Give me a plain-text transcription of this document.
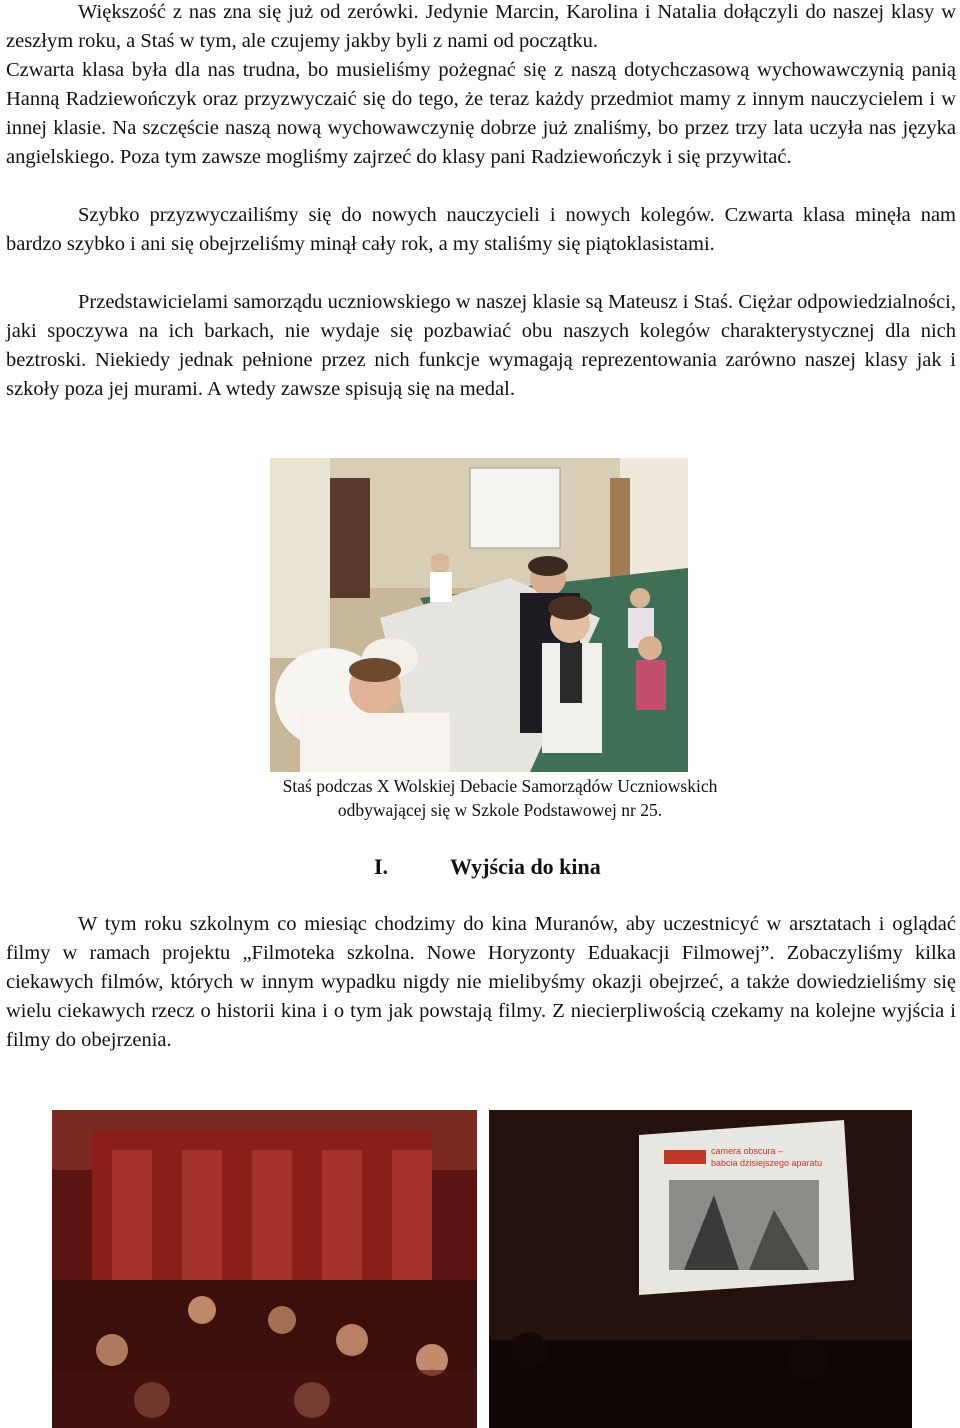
Większość z nas zna się już od zerówki. Jedynie Marcin, Karolina i Natalia dołączyli do naszej klasy w zeszłym roku, a Staś w tym, ale czujemy jakby byli z nami od początku.

Czwarta klasa była dla nas trudna, bo musieliśmy pożegnać się z naszą dotychczasową wychowawczynią panią Hanną Radziewończyk oraz przyzwyczaić się do tego, że teraz każdy przedmiot mamy z innym nauczycielem i w innej klasie. Na szczęście naszą nową wychowawczynię dobrze już znaliśmy, bo przez trzy lata uczyła nas języka angielskiego. Poza tym zawsze mogliśmy zajrzeć do klasy pani Radziewończyk i się przywitać.

Szybko przyzwyczailiśmy się do nowych nauczycieli i nowych kolegów. Czwarta klasa minęła nam bardzo szybko i ani się obejrzeliśmy minął cały rok, a my staliśmy się piątoklasistami.

Przedstawicielami samorządu uczniowskiego w naszej klasie są Mateusz i Staś. Ciężar odpowiedzialności, jaki spoczywa na ich barkach, nie wydaje się pozbawiać obu naszych kolegów charakterystycznej dla nich beztroski. Niekiedy jednak pełnione przez nich funkcje wymagają reprezentowania zarówno naszej klasy jak i szkoły poza jej murami. A wtedy zawsze spisują się na medal.

Staś podczas X Wolskiej Debacie Samorządów Uczniowskich
odbywającej się w Szkole Podstawowej nr 25.
I.	Wyjścia do kina

W tym roku szkolnym co miesiąc chodzimy do kina Muranów, aby uczestnicyć w arsztatach i oglądać filmy w ramach projektu „Filmoteka szkolna. Nowe Horyzonty Eduakacji Filmowej”. Zobaczyliśmy kilka ciekawych filmów, których w innym wypadku nigdy nie mielibyśmy okazji obejrzeć, a także dowiedzieliśmy się wielu ciekawych rzecz o historii kina i o tym jak powstają filmy. Z niecierpliwością czekamy na kolejne wyjścia i filmy do obejrzenia.

camera obscura –
babcia dzisiejszego aparatu
